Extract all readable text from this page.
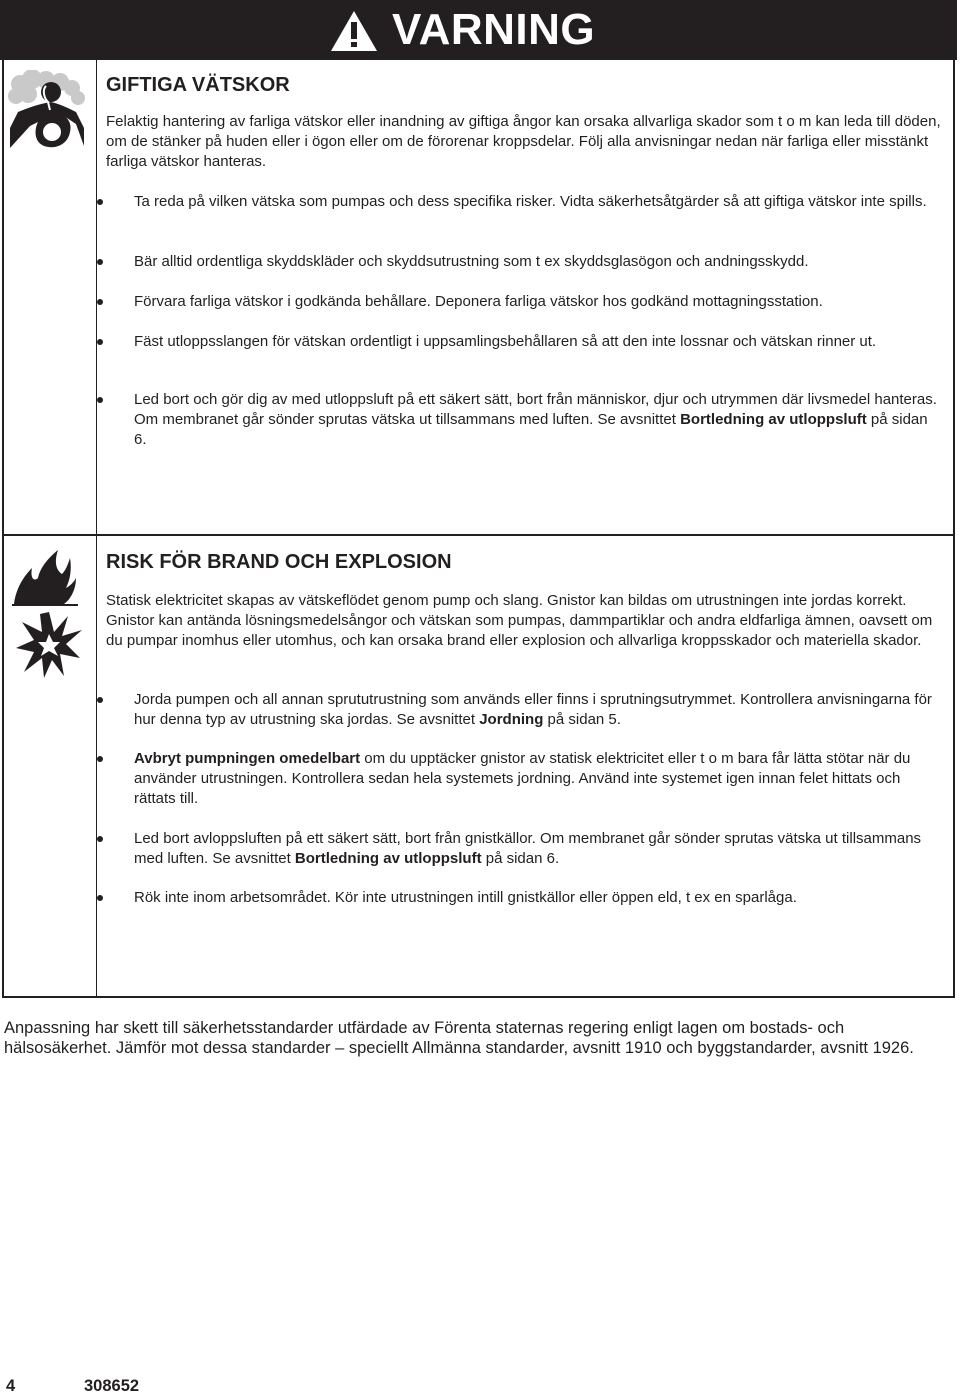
VARNING
GIFTIGA VÄTSKOR
Felaktig hantering av farliga vätskor eller inandning av giftiga ångor kan orsaka allvarliga skador som t o m kan leda till döden, om de stänker på huden eller i ögon eller om de förorenar kroppsdelar. Följ alla anvisningar nedan när farliga eller misstänkt farliga vätskor hanteras.
Ta reda på vilken vätska som pumpas och dess specifika risker. Vidta säkerhetsåtgärder så att giftiga vätskor inte spills.
Bär alltid ordentliga skyddskläder och skyddsutrustning som t ex skyddsglasögon och andningsskydd.
Förvara farliga vätskor i godkända behållare. Deponera farliga vätskor hos godkänd mottagningsstation.
Fäst utloppsslangen för vätskan ordentligt i uppsamlingsbehållaren så att den inte lossnar och vätskan rinner ut.
Led bort och gör dig av med utloppsluft på ett säkert sätt, bort från människor, djur och utrymmen där livsmedel hanteras. Om membranet går sönder sprutas vätska ut tillsammans med luften. Se avsnittet Bortledning av utloppsluft på sidan 6.
RISK FÖR BRAND OCH EXPLOSION
Statisk elektricitet skapas av vätskeflödet genom pump och slang. Gnistor kan bildas om utrustningen inte jordas korrekt. Gnistor kan antända lösningsmedelsångor och vätskan som pumpas, dammpartiklar och andra eldfarliga ämnen, oavsett om du pumpar inomhus eller utomhus, och kan orsaka brand eller explosion och allvarliga kroppsskador och materiella skador.
Jorda pumpen och all annan sprututrustning som används eller finns i sprutningsutrymmet. Kontrollera anvisningarna för hur denna typ av utrustning ska jordas. Se avsnittet Jordning på sidan 5.
Avbryt pumpningen omedelbart om du upptäcker gnistor av statisk elektricitet eller t o m bara får lätta stötar när du använder utrustningen. Kontrollera sedan hela systemets jordning. Använd inte systemet igen innan felet hittats och rättats till.
Led bort avloppsluften på ett säkert sätt, bort från gnistkällor. Om membranet går sönder sprutas vätska ut tillsammans med luften. Se avsnittet Bortledning av utloppsluft på sidan 6.
Rök inte inom arbetsområdet. Kör inte utrustningen intill gnistkällor eller öppen eld, t ex en sparlåga.
Anpassning har skett till säkerhetsstandarder utfärdade av Förenta staternas regering enligt lagen om bostads- och hälsosäkerhet. Jämför mot dessa standarder – speciellt Allmänna standarder, avsnitt 1910 och byggstandarder, avsnitt 1926.
4	308652
